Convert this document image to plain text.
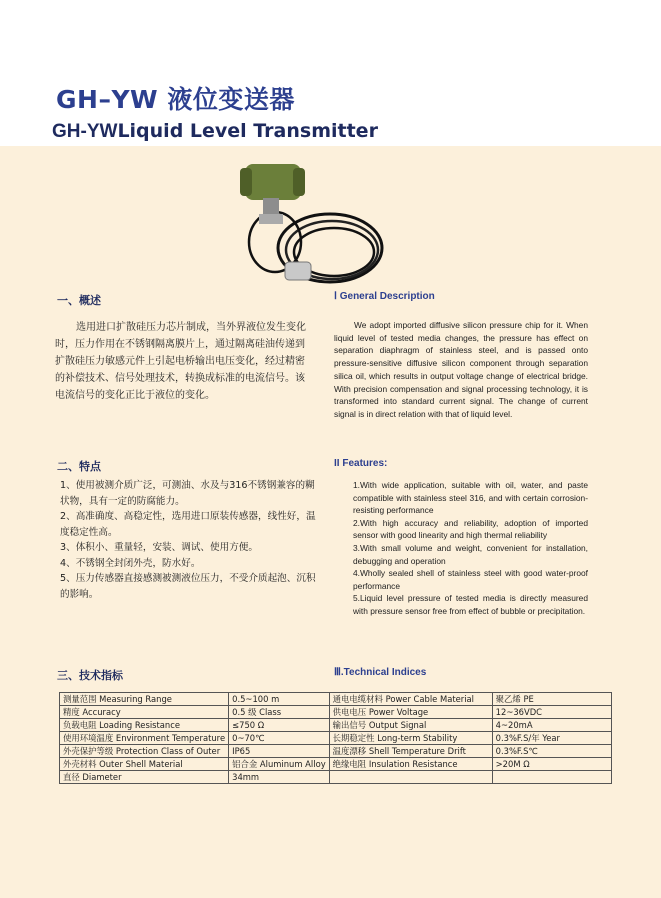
GH–YW 液位变送器
GH-YWLiquid Level Transmitter
一、概述	Ⅰ General Description
选用进口扩散硅压力芯片制成，当外界液位发生变化时，压力作用在不锈钢隔离膜片上，通过隔离硅油传递到扩散硅压力敏感元件上引起电桥输出电压变化，经过精密的补偿技术、信号处理技术，转换成标准的电流信号。该电流信号的变化正比于液位的变化。
We adopt imported diffusive silicon pressure chip for it. When liquid level of tested media changes, the pressure has effect on separation diaphragm of stainless steel, and is passed onto pressure-sensitive diffusive silicon component through separation silica oil, which results in output voltage change of electrical bridge. With precision compensation and signal processing technology, it is transformed into standard current signal. The change of current signal is in direct relation with that of liquid level.
二、特点	II Features:
1、使用被测介质广泛，可测油、水及与316不锈钢兼容的糊状物，具有一定的防腐能力。
2、高准确度、高稳定性，选用进口原装传感器，线性好，温度稳定性高。
3、体积小、重量轻，安装、调试、使用方便。
4、不锈钢全封闭外壳，防水好。
5、压力传感器直接感测被测液位压力，不受介质起泡、沉积的影响。
1.With wide application, suitable with oil, water, and paste compatible with stainless steel 316, and with certain corrosion-resisting performance
2.With high accuracy and reliability, adoption of imported sensor with good linearity and high thermal reliability
3.With small volume and weight, convenient for installation, debugging and operation
4.Wholly sealed shell of stainless steel with good water-proof performance
5.Liquid level pressure of tested media is directly measured with pressure sensor free from effect of bubble or precipitation.
三、技术指标	Ⅲ.Technical Indices
测量范围 Measuring Range	0.5~100 m	通电电缆材料 Power Cable Material	聚乙烯 PE
精度 Accuracy	0.5 级 Class	供电电压 Power Voltage	12~36VDC
负载电阻 Loading Resistance	≤750 Ω	输出信号 Output Signal	4~20mA
使用环境温度 Environment Temperature	0~70℃	长期稳定性 Long-term Stability	0.3%F.S/年 Year
外壳保护等级 Protection Class of Outer	IP65	温度漂移 Shell Temperature Drift	0.3%F.S℃
外壳材料 Outer Shell Material	铝合金 Aluminum Alloy	绝缘电阻 Insulation Resistance	>20M Ω
直径 Diameter	34mm		
